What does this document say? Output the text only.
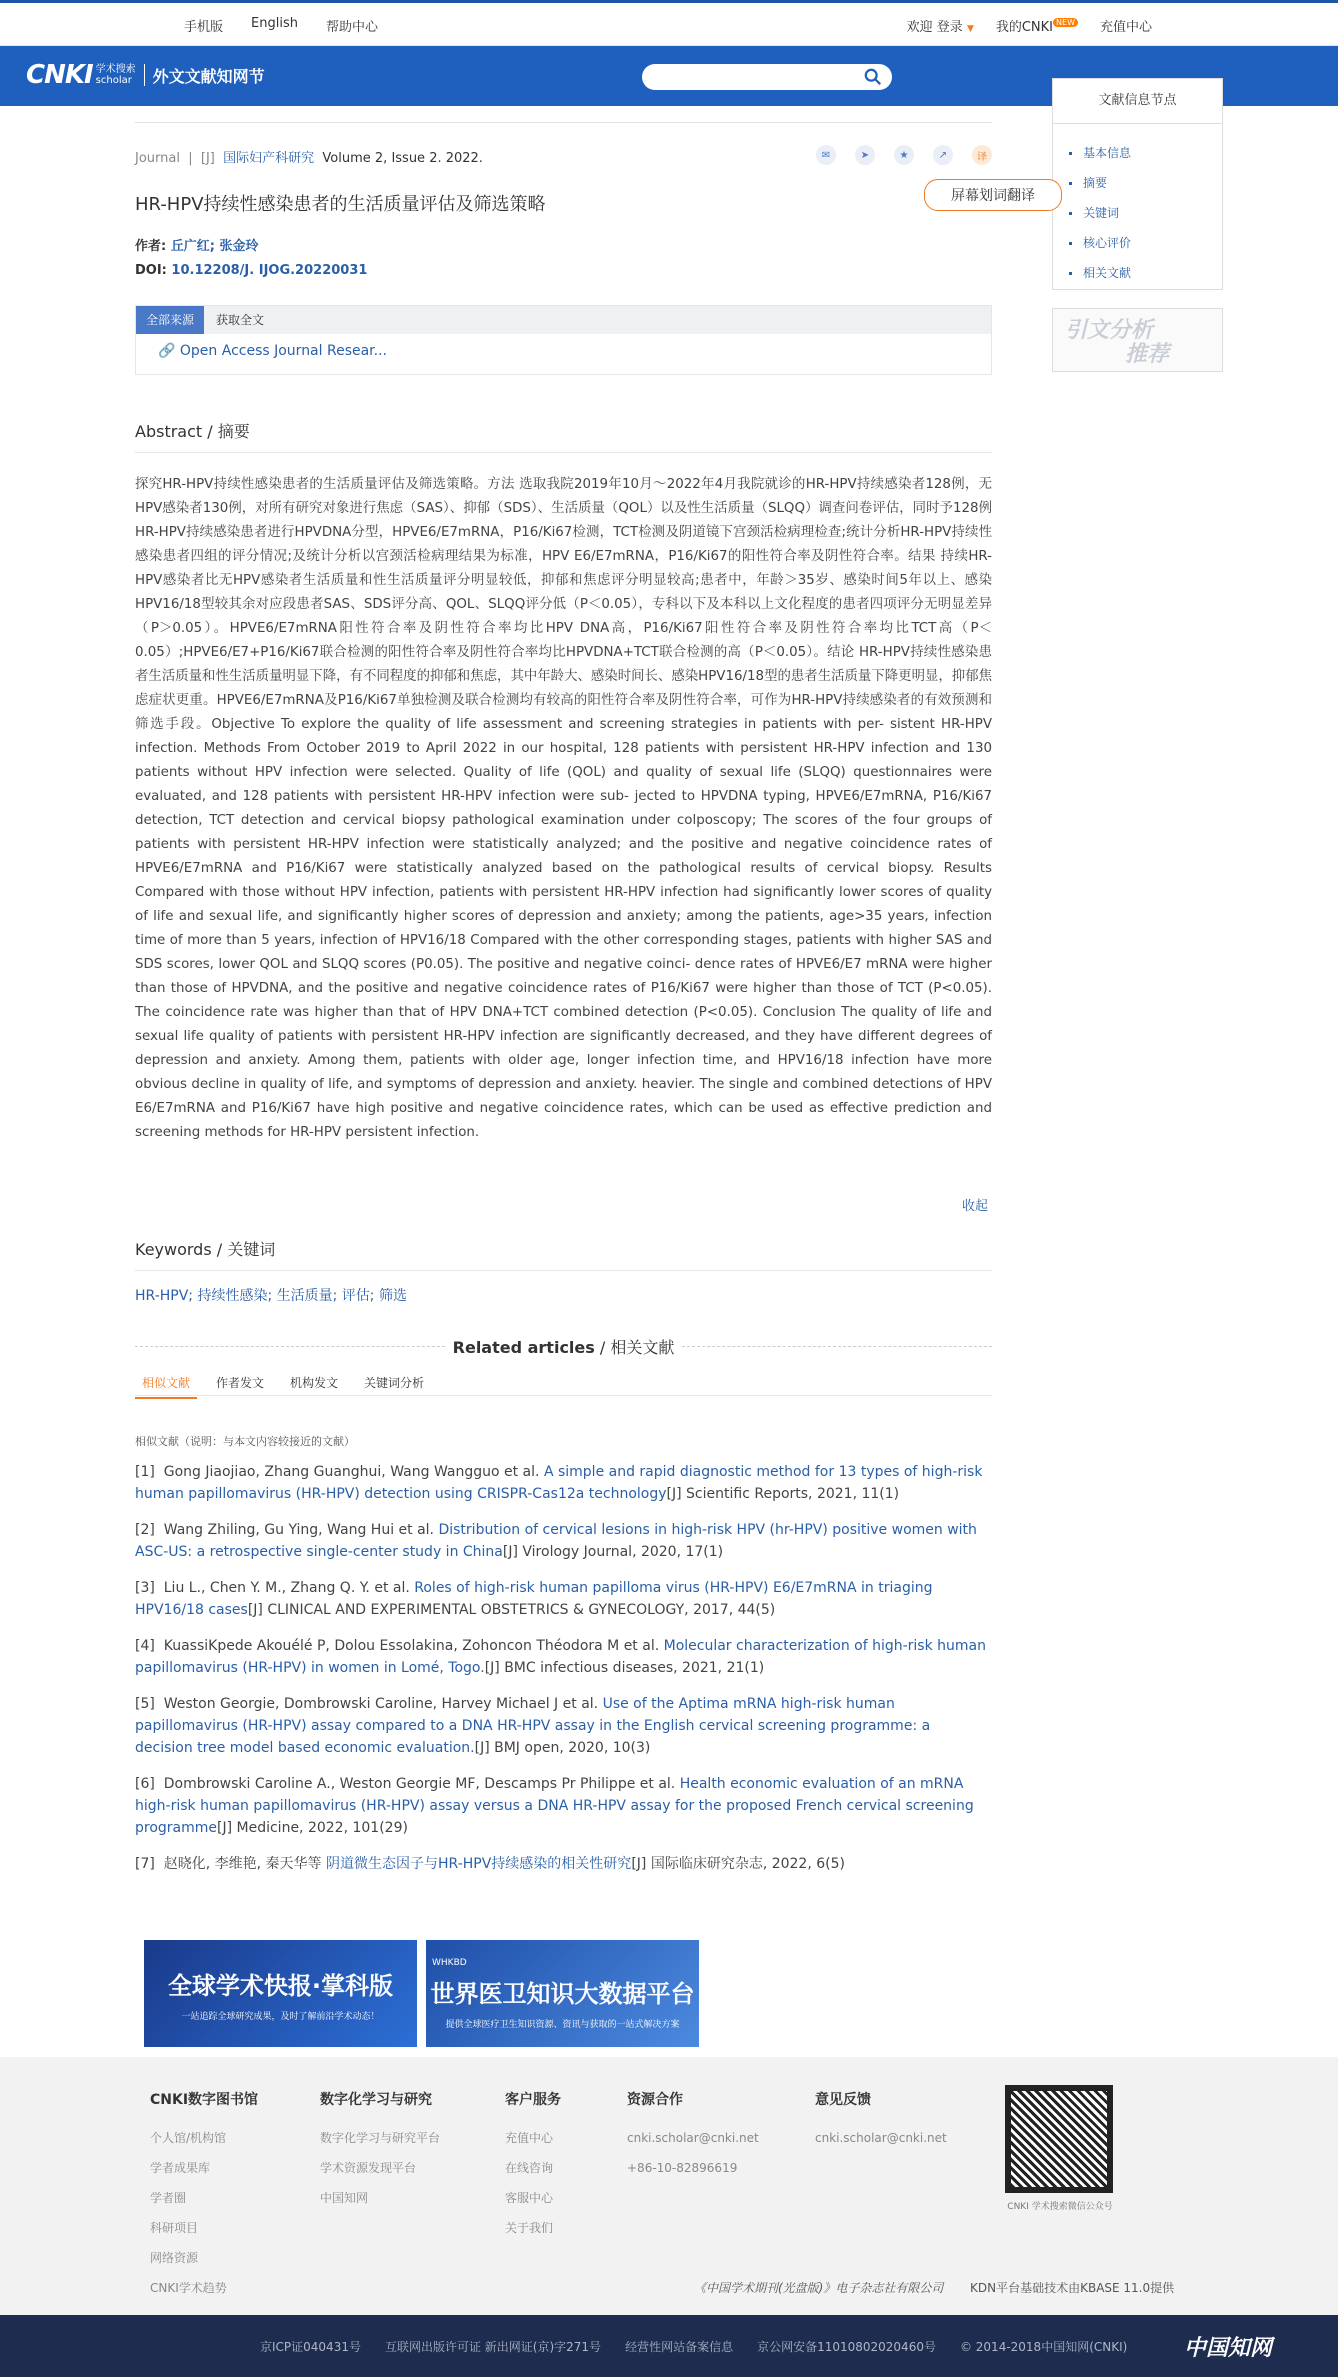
手机版 English 帮助中心	欢迎 登录 ▼ 我的CNKI $^{NEW}$ 充值中心
CNKI 学术搜索
scholar	外文文献知网节
文献信息节点
基本信息
摘要
关键词
核心评价
相关文献
引文分析
推荐
Journal | [J] 国际妇产科研究 Volume 2, Issue 2. 2022.	✉	➤	★	↗	译
屏幕划词翻译
HR-HPV持续性感染患者的生活质量评估及筛选策略
作者: 丘广红; 张金玲
DOI: 10.12208/J. IJOG.20220031
全部来源	获取全文
🔗 Open Access Journal Resear...
Abstract / 摘要
探究HR-HPV持续性感染患者的生活质量评估及筛选策略。方法 选取我院2019年10月～2022年4月我院就诊的HR-HPV持续感染者128例，无HPV感染者130例，对所有研究对象进行焦虑（SAS）、抑郁（SDS）、生活质量（QOL）以及性生活质量（SLQQ）调查问卷评估，同时予128例HR-HPV持续感染患者进行HPVDNA分型，HPVE6/E7mRNA，P16/Ki67检测，TCT检测及阴道镜下宫颈活检病理检查;统计分析HR-HPV持续性感染患者四组的评分情况;及统计分析以宫颈活检病理结果为标准，HPV E6/E7mRNA，P16/Ki67的阳性符合率及阴性符合率。结果 持续HR-HPV感染者比无HPV感染者生活质量和性生活质量评分明显较低，抑郁和焦虑评分明显较高;患者中，年龄＞35岁、感染时间5年以上、感染HPV16/18型较其余对应段患者SAS、SDS评分高、QOL、SLQQ评分低（P＜0.05），专科以下及本科以上文化程度的患者四项评分无明显差异（P＞0.05）。HPVE6/E7mRNA阳性符合率及阴性符合率均比HPV DNA高，P16/Ki67阳性符合率及阴性符合率均比TCT高（P＜0.05）;HPVE6/E7+P16/Ki67联合检测的阳性符合率及阴性符合率均比HPVDNA+TCT联合检测的高（P＜0.05）。结论 HR-HPV持续性感染患者生活质量和性生活质量明显下降，有不同程度的抑郁和焦虑，其中年龄大、感染时间长、感染HPV16/18型的患者生活质量下降更明显，抑郁焦虑症状更重。HPVE6/E7mRNA及P16/Ki67单独检测及联合检测均有较高的阳性符合率及阴性符合率，可作为HR-HPV持续感染者的有效预测和筛选手段。Objective To explore the quality of life assessment and screening strategies in patients with per- sistent HR-HPV infection. Methods From October 2019 to April 2022 in our hospital, 128 patients with persistent HR-HPV infection and 130 patients without HPV infection were selected. Quality of life (QOL) and quality of sexual life (SLQQ) questionnaires were evaluated, and 128 patients with persistent HR-HPV infection were sub- jected to HPVDNA typing, HPVE6/E7mRNA, P16/Ki67 detection, TCT detection and cervical biopsy pathological examination under colposcopy; The scores of the four groups of patients with persistent HR-HPV infection were statistically analyzed; and the positive and negative coincidence rates of HPVE6/E7mRNA and P16/Ki67 were statistically analyzed based on the pathological results of cervical biopsy. Results Compared with those without HPV infection, patients with persistent HR-HPV infection had significantly lower scores of quality of life and sexual life, and significantly higher scores of depression and anxiety; among the patients, age>35 years, infection time of more than 5 years, infection of HPV16/18 Compared with the other corresponding stages, patients with higher SAS and SDS scores, lower QOL and SLQQ scores (P0.05). The positive and negative coinci- dence rates of HPVE6/E7 mRNA were higher than those of HPVDNA, and the positive and negative coincidence rates of P16/Ki67 were higher than those of TCT (P<0.05). The coincidence rate was higher than that of HPV DNA+TCT combined detection (P<0.05). Conclusion The quality of life and sexual life quality of patients with persistent HR-HPV infection are significantly decreased, and they have different degrees of depression and anxiety. Among them, patients with older age, longer infection time, and HPV16/18 infection have more obvious decline in quality of life, and symptoms of depression and anxiety. heavier. The single and combined detections of HPV E6/E7mRNA and P16/Ki67 have high positive and negative coincidence rates, which can be used as effective prediction and screening methods for HR-HPV persistent infection.
收起
Keywords / 关键词
HR-HPV; 持续性感染; 生活质量; 评估; 筛选
Related articles / 相关文献
相似文献	作者发文	机构发文	关键词分析
相似文献（说明：与本文内容较接近的文献）
[1] Gong Jiaojiao, Zhang Guanghui, Wang Wangguo et al. A simple and rapid diagnostic method for 13 types of high-risk human papillomavirus (HR-HPV) detection using CRISPR-Cas12a technology[J] Scientific Reports, 2021, 11(1)
[2] Wang Zhiling, Gu Ying, Wang Hui et al. Distribution of cervical lesions in high-risk HPV (hr-HPV) positive women with ASC-US: a retrospective single-center study in China[J] Virology Journal, 2020, 17(1)
[3] Liu L., Chen Y. M., Zhang Q. Y. et al. Roles of high-risk human papilloma virus (HR-HPV) E6/E7mRNA in triaging HPV16/18 cases[J] CLINICAL AND EXPERIMENTAL OBSTETRICS & GYNECOLOGY, 2017, 44(5)
[4] KuassiKpede Akouélé P, Dolou Essolakina, Zohoncon Théodora M et al. Molecular characterization of high-risk human papillomavirus (HR-HPV) in women in Lomé, Togo.[J] BMC infectious diseases, 2021, 21(1)
[5] Weston Georgie, Dombrowski Caroline, Harvey Michael J et al. Use of the Aptima mRNA high-risk human papillomavirus (HR-HPV) assay compared to a DNA HR-HPV assay in the English cervical screening programme: a decision tree model based economic evaluation.[J] BMJ open, 2020, 10(3)
[6] Dombrowski Caroline A., Weston Georgie MF, Descamps Pr Philippe et al. Health economic evaluation of an mRNA high-risk human papillomavirus (HR-HPV) assay versus a DNA HR-HPV assay for the proposed French cervical screening programme[J] Medicine, 2022, 101(29)
[7] 赵晓化, 李维艳, 秦天华等 阴道微生态因子与HR-HPV持续感染的相关性研究[J] 国际临床研究杂志, 2022, 6(5)
全球学术快报·掌科版
一站追踪全球研究成果，及时了解前沿学术动态！
WHKBD
世界医卫知识大数据平台
提供全球医疗卫生知识资源、资讯与获取的一站式解决方案
CNKI数字图书馆

个人馆/机构馆

学者成果库

学者圈

科研项目

网络资源

CNKI学术趋势

数字化学习与研究

数字化学习与研究平台

学术资源发现平台

中国知网

客户服务

充值中心

在线咨询

客服中心

关于我们

资源合作

cnki.scholar@cnki.net

+86-10-82896619

意见反馈

cnki.scholar@cnki.net

CNKI 学术搜索微信公众号
《中国学术期刊(光盘版)》电子杂志社有限公司 KDN平台基础技术由KBASE 11.0提供
京ICP证040431号 互联网出版许可证 新出网证(京)字271号 经营性网站备案信息 京公网安备11010802020460号 © 2014-2018中国知网(CNKI)	中国知网
